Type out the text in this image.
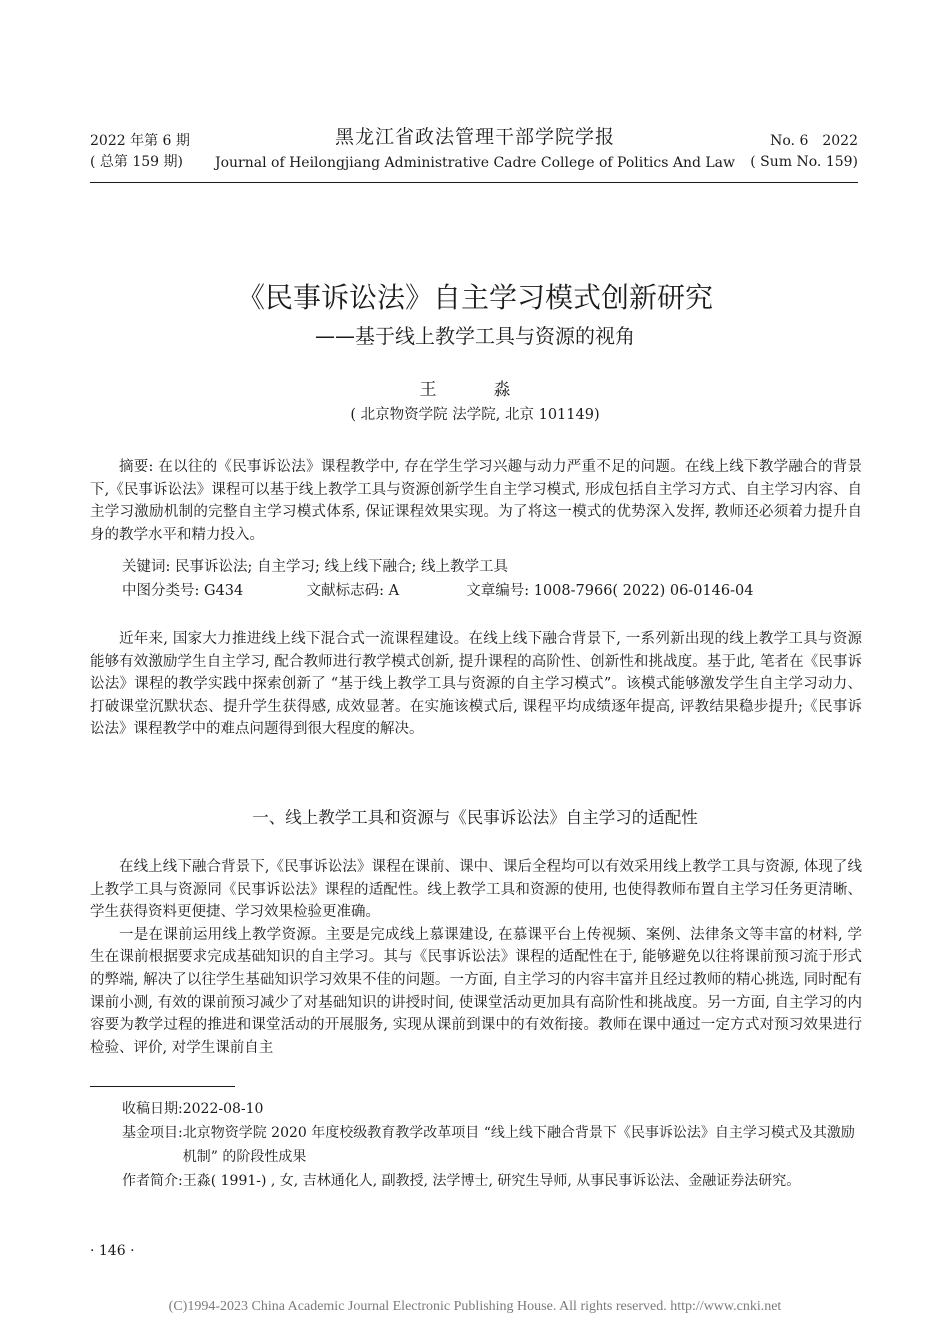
2022 年第 6 期
( 总第 159 期)
黑龙江省政法管理干部学院学报
Journal of Heilongjiang Administrative Cadre College of Politics And Law
No. 6　2022
( Sum No. 159)
《民事诉讼法》自主学习模式创新研究
——基于线上教学工具与资源的视角
王　淼
( 北京物资学院 法学院, 北京 101149)

摘要: 在以往的《民事诉讼法》课程教学中, 存在学生学习兴趣与动力严重不足的问题。在线上线下教学融合的背景下,《民事诉讼法》课程可以基于线上教学工具与资源创新学生自主学习模式, 形成包括自主学习方式、自主学习内容、自主学习激励机制的完整自主学习模式体系, 保证课程效果实现。为了将这一模式的优势深入发挥, 教师还必须着力提升自身的教学水平和精力投入。

关键词: 民事诉讼法; 自主学习; 线上线下融合; 线上教学工具
中图分类号: G434	文献标志码: A	文章编号: 1008-7966( 2022) 06-0146-04

近年来, 国家大力推进线上线下混合式一流课程建设。在线上线下融合背景下, 一系列新出现的线上教学工具与资源能够有效激励学生自主学习, 配合教师进行教学模式创新, 提升课程的高阶性、创新性和挑战度。基于此, 笔者在《民事诉讼法》课程的教学实践中探索创新了 “基于线上教学工具与资源的自主学习模式”。该模式能够激发学生自主学习动力、打破课堂沉默状态、提升学生获得感, 成效显著。在实施该模式后, 课程平均成绩逐年提高, 评教结果稳步提升;《民事诉讼法》课程教学中的难点问题得到很大程度的解决。

一、线上教学工具和资源与《民事诉讼法》自主学习的适配性

在线上线下融合背景下,《民事诉讼法》课程在课前、课中、课后全程均可以有效采用线上教学工具与资源, 体现了线上教学工具与资源同《民事诉讼法》课程的适配性。线上教学工具和资源的使用, 也使得教师布置自主学习任务更清晰、学生获得资料更便捷、学习效果检验更准确。

一是在课前运用线上教学资源。主要是完成线上慕课建设, 在慕课平台上传视频、案例、法律条文等丰富的材料, 学生在课前根据要求完成基础知识的自主学习。其与《民事诉讼法》课程的适配性在于, 能够避免以往将课前预习流于形式的弊端, 解决了以往学生基础知识学习效果不佳的问题。一方面, 自主学习的内容丰富并且经过教师的精心挑选, 同时配有课前小测, 有效的课前预习减少了对基础知识的讲授时间, 使课堂活动更加具有高阶性和挑战度。另一方面, 自主学习的内容要为教学过程的推进和课堂活动的开展服务, 实现从课前到课中的有效衔接。教师在课中通过一定方式对预习效果进行检验、评价, 对学生课前自主

收稿日期: 2022-08-10
基金项目: 北京物资学院 2020 年度校级教育教学改革项目 “线上线下融合背景下《民事诉讼法》自主学习模式及其激励机制” 的阶段性成果
作者简介: 王淼( 1991-) , 女, 吉林通化人, 副教授, 法学博士, 研究生导师, 从事民事诉讼法、金融证券法研究。
· 146 ·
(C)1994-2023 China Academic Journal Electronic Publishing House. All rights reserved. http://www.cnki.net
